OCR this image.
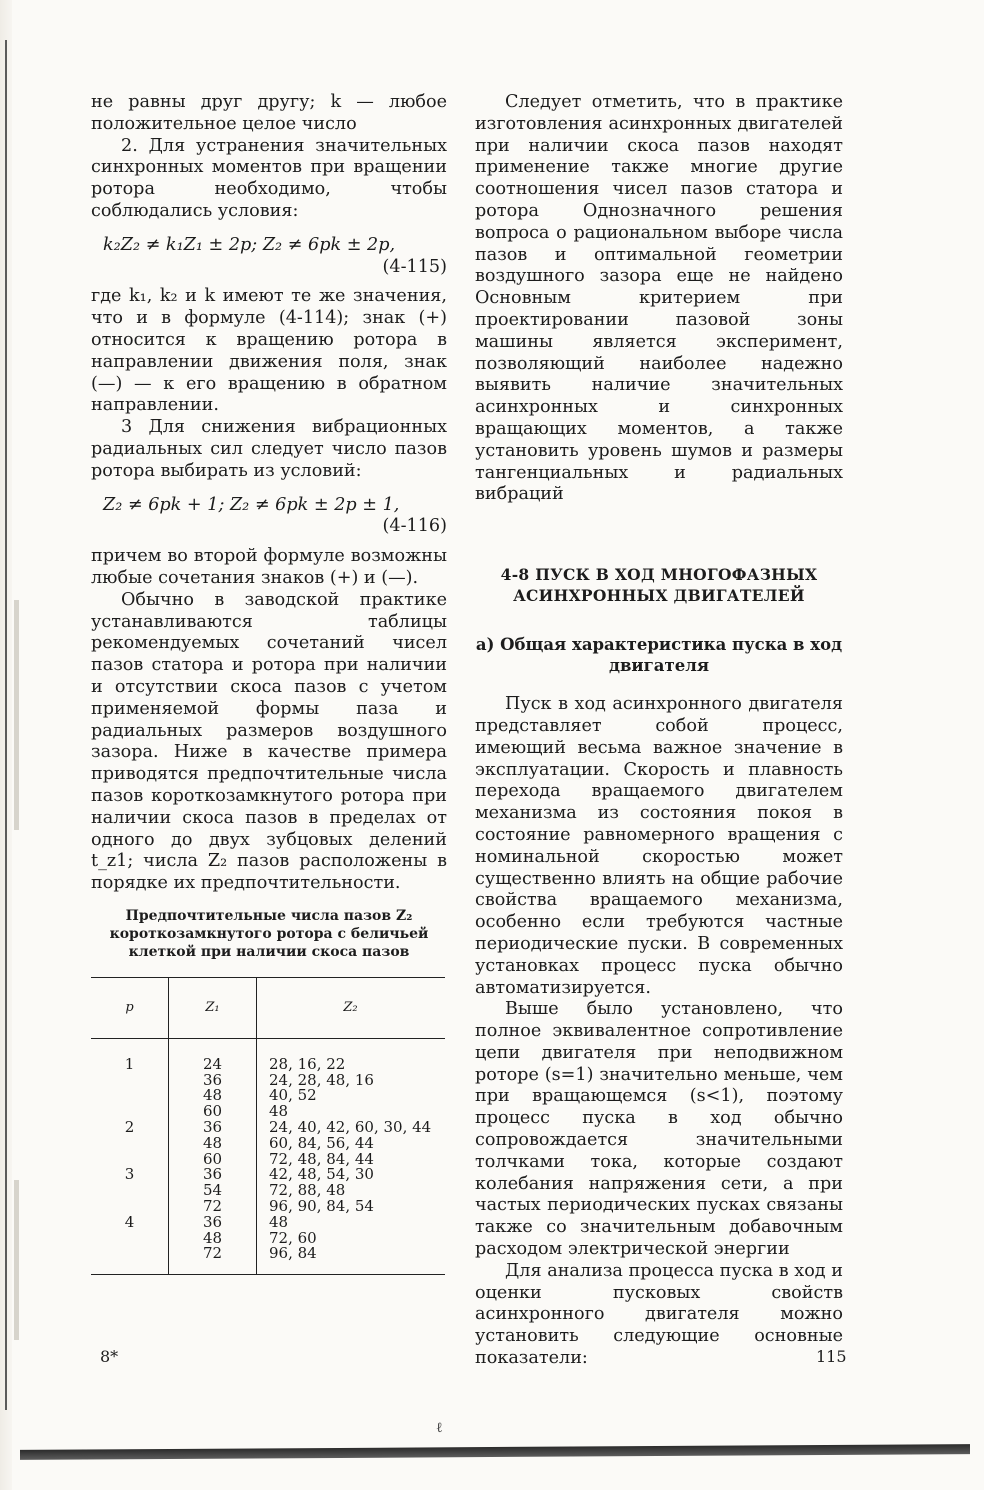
не равны друг другу; k — любое положительное целое число

2. Для устранения значительных синхронных моментов при вращении ротора необходимо, чтобы соблюдались условия:

k₂Z₂ ≠ k₁Z₁ ± 2p; Z₂ ≠ 6pk ± 2p,
(4-115)

где k₁, k₂ и k имеют те же значения, что и в формуле (4-114); знак (+) относится к вращению ротора в направлении движения поля, знак (—) — к его вращению в обратном направлении.

3 Для снижения вибрационных радиальных сил следует число пазов ротора выбирать из условий:

Z₂ ≠ 6pk + 1; Z₂ ≠ 6pk ± 2p ± 1,
(4-116)

причем во второй формуле возможны любые сочетания знаков (+) и (—).

Обычно в заводской практике устанавливаются таблицы рекомендуемых сочетаний чисел пазов статора и ротора при наличии и отсутствии скоса пазов с учетом применяемой формы паза и радиальных размеров воздушного зазора. Ниже в качестве примера приводятся предпочтительные числа пазов короткозамкнутого ротора при наличии скоса пазов в пределах от одного до двух зубцовых делений t_z1; числа Z₂ пазов расположены в порядке их предпочтительности.

Предпочтительные числа пазов Z₂ короткозамкнутого ротора с беличьей клеткой при наличии скоса пазов
p	Z₁	Z₂
1	24	28, 16, 22
	36	24, 28, 48, 16
	48	40, 52
	60	48
2	36	24, 40, 42, 60, 30, 44
	48	60, 84, 56, 44
	60	72, 48, 84, 44
3	36	42, 48, 54, 30
	54	72, 88, 48
	72	96, 90, 84, 54
4	36	48
	48	72, 60
	72	96, 84

Следует отметить, что в практике изготовления асинхронных двигателей при наличии скоса пазов находят применение также многие другие соотношения чисел пазов статора и ротора Однозначного решения вопроса о рациональном выборе числа пазов и оптимальной геометрии воздушного зазора еще не найдено Основным критерием при проектировании пазовой зоны машины является эксперимент, позволяющий наиболее надежно выявить наличие значительных асинхронных и синхронных вращающих моментов, а также установить уровень шумов и размеры тангенциальных и радиальных вибраций

4-8 ПУСК В ХОД МНОГОФАЗНЫХ АСИНХРОННЫХ ДВИГАТЕЛЕЙ
а) Общая характеристика пуска в ход двигателя

Пуск в ход асинхронного двигателя представляет собой процесс, имеющий весьма важное значение в эксплуатации. Скорость и плавность перехода вращаемого двигателем механизма из состояния покоя в состояние равномерного вращения с номинальной скоростью может существенно влиять на общие рабочие свойства вращаемого механизма, особенно если требуются частные периодические пуски. В современных установках процесс пуска обычно автоматизируется.

Выше было установлено, что полное эквивалентное сопротивление цепи двигателя при неподвижном роторе (s=1) значительно меньше, чем при вращающемся (s<1), поэтому процесс пуска в ход обычно сопровождается значительными толчками тока, которые создают колебания напряжения сети, а при частых периодических пусках связаны также со значительным добавочным расходом электрической энергии

Для анализа процесса пуска в ход и оценки пусковых свойств асинхронного двигателя можно установить следующие основные показатели:

8*	115
ℓ
